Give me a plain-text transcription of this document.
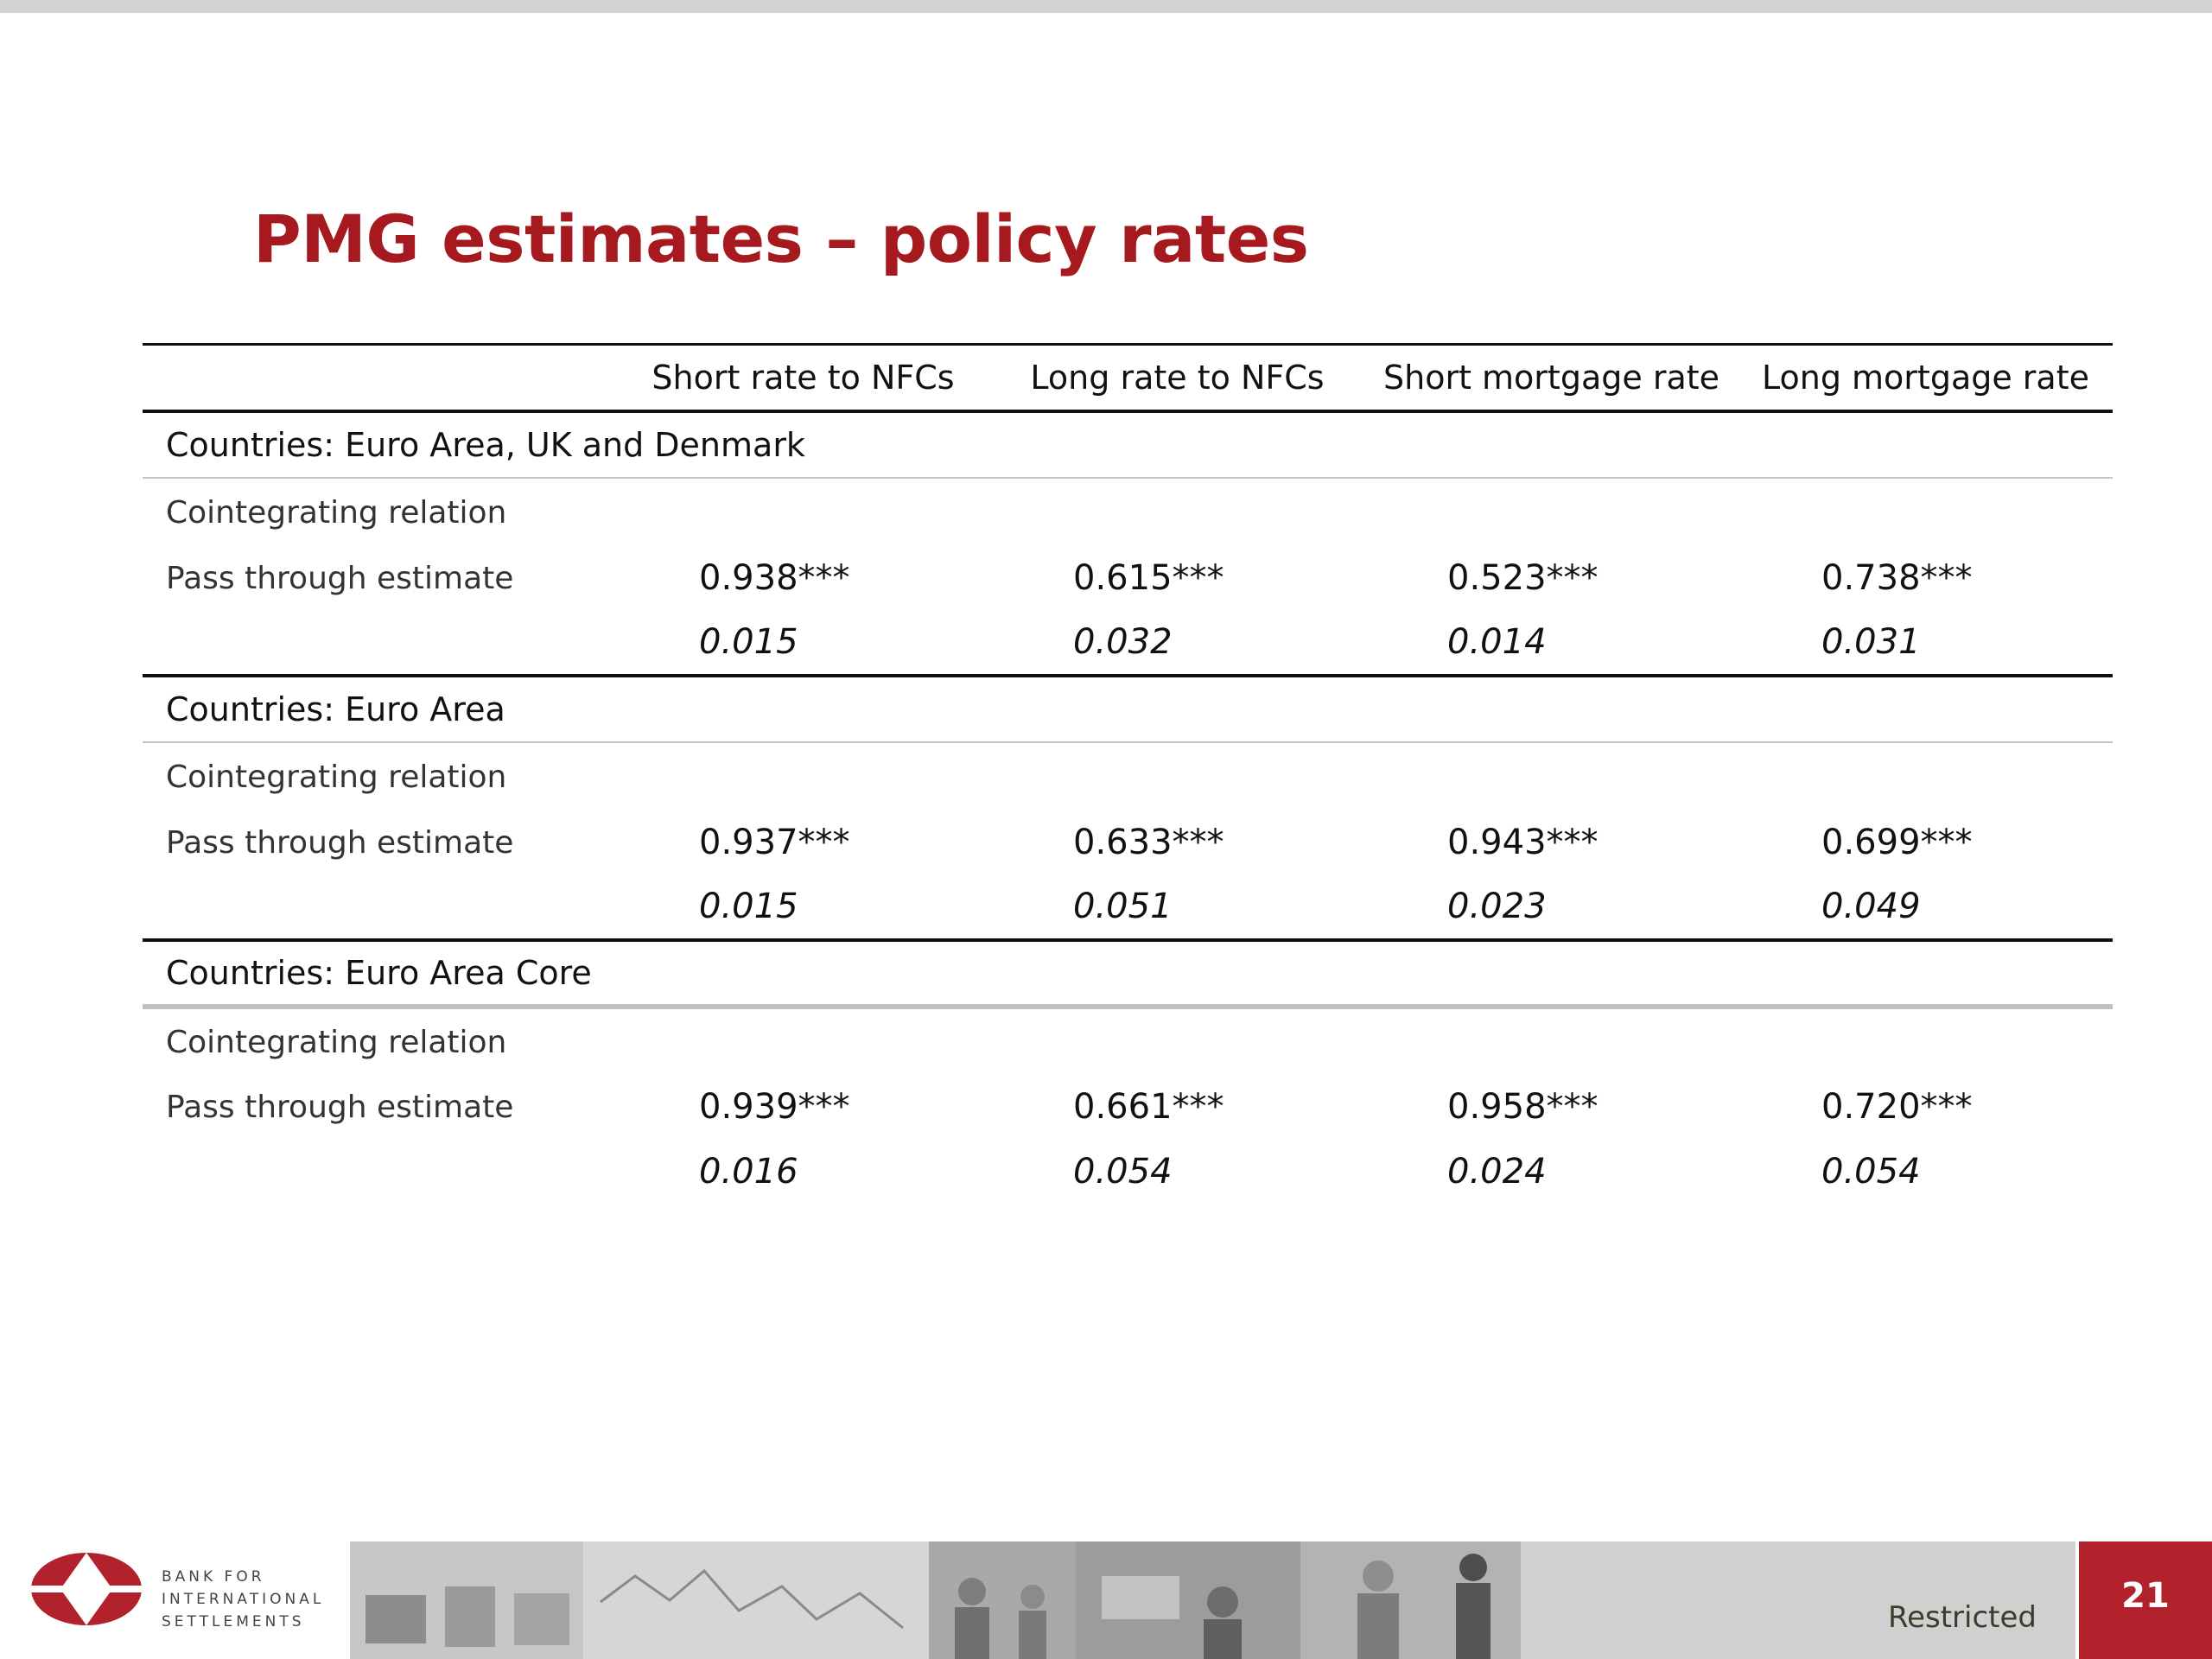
PMG estimates – policy rates
	Short rate to NFCs	Long rate to NFCs	Short mortgage rate	Long mortgage rate
Countries: Euro Area, UK and Denmark				
Cointegrating relation				
Pass through estimate	0.938***	0.615***	0.523***	0.738***
	0.015	0.032	0.014	0.031
Countries: Euro Area				
Cointegrating relation				
Pass through estimate	0.937***	0.633***	0.943***	0.699***
	0.015	0.051	0.023	0.049
Countries: Euro Area Core				
Cointegrating relation				
Pass through estimate	0.939***	0.661***	0.958***	0.720***
	0.016	0.054	0.024	0.054
BANK FOR
INTERNATIONAL
SETTLEMENTS	Restricted
21
